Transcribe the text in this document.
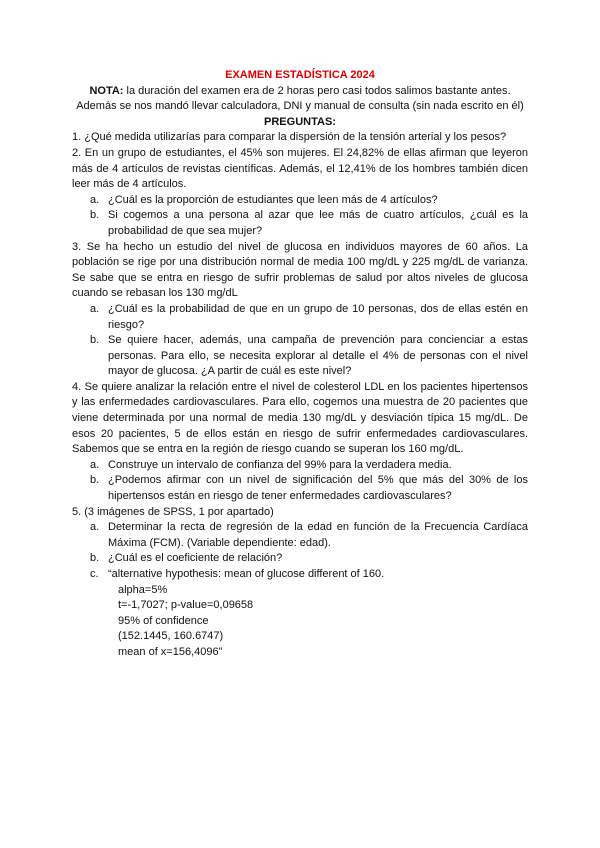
EXAMEN ESTADÍSTICA 2024

NOTA: la duración del examen era de 2 horas pero casi todos salimos bastante antes.

Además se nos mandó llevar calculadora, DNI y manual de consulta (sin nada escrito en él)

PREGUNTAS:

1. ¿Qué medida utilizarías para comparar la dispersión de la tensión arterial y los pesos?

2. En un grupo de estudiantes, el 45% son mujeres. El 24,82% de ellas afirman que leyeron más de 4 artículos de revistas científicas. Además, el 12,41% de los hombres también dicen leer más de 4 artículos.

a. ¿Cuál es la proporción de estudiantes que leen más de 4 artículos?

b. Si cogemos a una persona al azar que lee más de cuatro artículos, ¿cuál es la probabilidad de que sea mujer?

3. Se ha hecho un estudio del nivel de glucosa en individuos mayores de 60 años. La población se rige por una distribución normal de media 100 mg/dL y 225 mg/dL de varianza. Se sabe que se entra en riesgo de sufrir problemas de salud por altos niveles de glucosa cuando se rebasan los 130 mg/dL

a. ¿Cuál es la probabilidad de que en un grupo de 10 personas, dos de ellas estén en riesgo?

b. Se quiere hacer, además, una campaña de prevención para concienciar a estas personas. Para ello, se necesita explorar al detalle el 4% de personas con el nivel mayor de glucosa. ¿A partir de cuál es este nivel?

4. Se quiere analizar la relación entre el nivel de colesterol LDL en los pacientes hipertensos y las enfermedades cardiovasculares. Para ello, cogemos una muestra de 20 pacientes que viene determinada por una normal de media 130 mg/dL y desviación típica 15 mg/dL. De esos 20 pacientes, 5 de ellos están en riesgo de sufrir enfermedades cardiovasculares. Sabemos que se entra en la región de riesgo cuando se superan los 160 mg/dL.

a. Construye un intervalo de confianza del 99% para la verdadera media.

b. ¿Podemos afirmar con un nivel de significación del 5% que más del 30% de los hipertensos están en riesgo de tener enfermedades cardiovasculares?

5. (3 imágenes de SPSS, 1 por apartado)

a. Determinar la recta de regresión de la edad en función de la Frecuencia Cardíaca Máxima (FCM). (Variable dependiente: edad).

b. ¿Cuál es el coeficiente de relación?

c. “alternative hypothesis: mean of glucose different of 160.

alpha=5%

t=-1,7027; p-value=0,09658

95% of confidence

(152.1445, 160.6747)

mean of x=156,4096”
